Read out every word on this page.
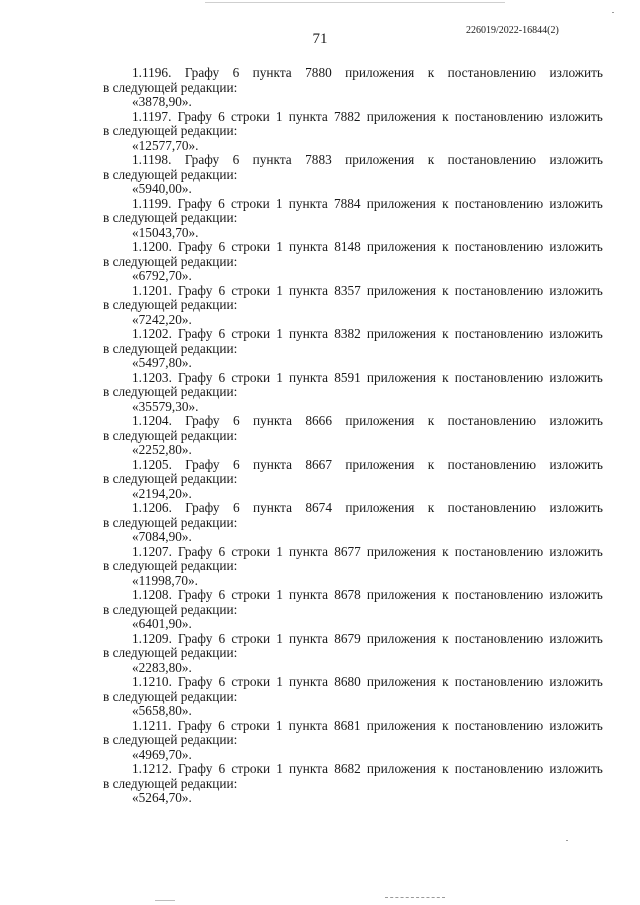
71
226019/2022-16844(2)
1.1196. Графу 6 пункта 7880 приложения к постановлению изложить
в следующей редакции:
«3878,90».
1.1197. Графу 6 строки 1 пункта 7882 приложения к постановлению изложить
в следующей редакции:
«12577,70».
1.1198. Графу 6 пункта 7883 приложения к постановлению изложить
в следующей редакции:
«5940,00».
1.1199. Графу 6 строки 1 пункта 7884 приложения к постановлению изложить
в следующей редакции:
«15043,70».
1.1200. Графу 6 строки 1 пункта 8148 приложения к постановлению изложить
в следующей редакции:
«6792,70».
1.1201. Графу 6 строки 1 пункта 8357 приложения к постановлению изложить
в следующей редакции:
«7242,20».
1.1202. Графу 6 строки 1 пункта 8382 приложения к постановлению изложить
в следующей редакции:
«5497,80».
1.1203. Графу 6 строки 1 пункта 8591 приложения к постановлению изложить
в следующей редакции:
«35579,30».
1.1204. Графу 6 пункта 8666 приложения к постановлению изложить
в следующей редакции:
«2252,80».
1.1205. Графу 6 пункта 8667 приложения к постановлению изложить
в следующей редакции:
«2194,20».
1.1206. Графу 6 пункта 8674 приложения к постановлению изложить
в следующей редакции:
«7084,90».
1.1207. Графу 6 строки 1 пункта 8677 приложения к постановлению изложить
в следующей редакции:
«11998,70».
1.1208. Графу 6 строки 1 пункта 8678 приложения к постановлению изложить
в следующей редакции:
«6401,90».
1.1209. Графу 6 строки 1 пункта 8679 приложения к постановлению изложить
в следующей редакции:
«2283,80».
1.1210. Графу 6 строки 1 пункта 8680 приложения к постановлению изложить
в следующей редакции:
«5658,80».
1.1211. Графу 6 строки 1 пункта 8681 приложения к постановлению изложить
в следующей редакции:
«4969,70».
1.1212. Графу 6 строки 1 пункта 8682 приложения к постановлению изложить
в следующей редакции:
«5264,70».
